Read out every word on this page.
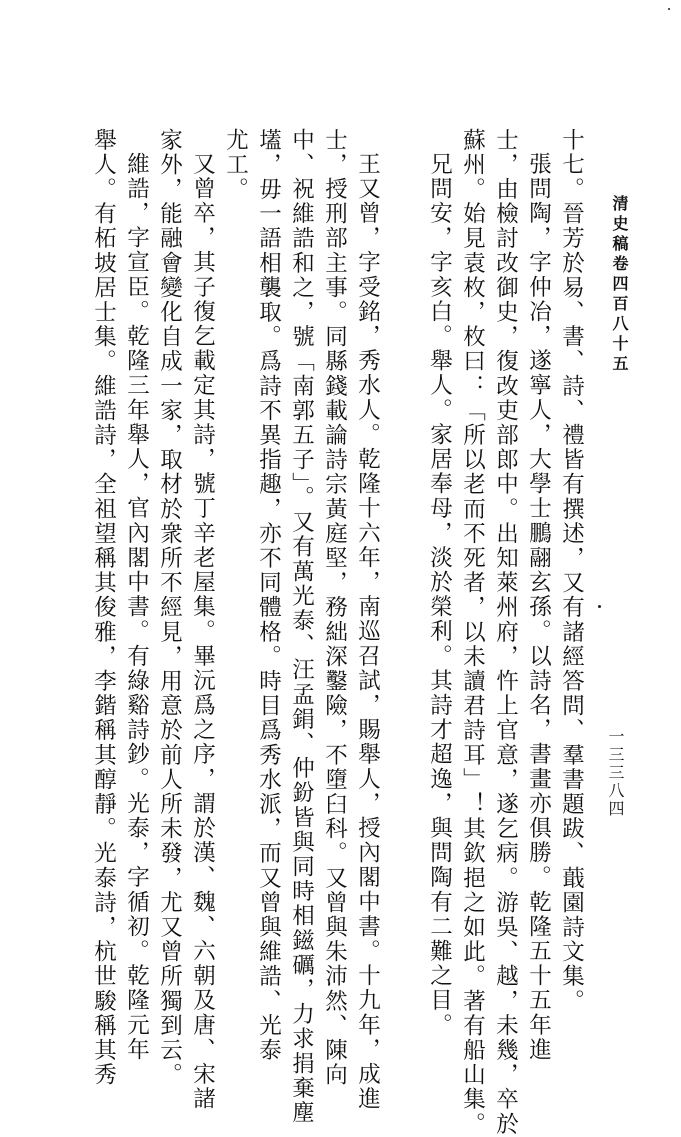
清史稿卷四百八十五
一三三八四
十七。晉芳於易、書、詩、禮皆有撰述，又有諸經答問、羣書題跋、蕺園詩文集。
張問陶，字仲冶，遂寧人，大學士鵬翮玄孫。以詩名，書畫亦俱勝。乾隆五十五年進
士，由檢討改御史，復改吏部郎中。出知萊州府，忤上官意，遂乞病。游吳、越，未幾，卒於
蘇州。始見袁枚，枚曰：「所以老而不死者，以未讀君詩耳」！其欽挹之如此。著有船山集。
兄問安，字亥白。舉人。家居奉母，淡於榮利。其詩才超逸，與問陶有二難之目。
王又曾，字受銘，秀水人。乾隆十六年，南巡召試，賜舉人，授內閣中書。十九年，成進
士，授刑部主事。同縣錢載論詩宗黃庭堅，務絀深鑿險，不墮臼科。又曾與朱沛然、陳向
中、祝維誥和之，號「南郭五子」。又有萬光泰、汪孟鋗、仲鈖皆與同時相鎡礪，力求捐棄塵
壒，毋一語相襲取。爲詩不異指趣，亦不同體格。時目爲秀水派，而又曾與維誥、光泰
尤工。
又曾卒，其子復乞載定其詩，號丁辛老屋集。畢沅爲之序，謂於漢、魏、六朝及唐、宋諸
家外，能融會變化自成一家，取材於衆所不經見，用意於前人所未發，尤又曾所獨到云。
維誥，字宣臣。乾隆三年舉人，官內閣中書。有綠谿詩鈔。光泰，字循初。乾隆元年
舉人。有柘坡居士集。維誥詩，全祖望稱其俊雅，李鍇稱其醇靜。光泰詩，杭世駿稱其秀
